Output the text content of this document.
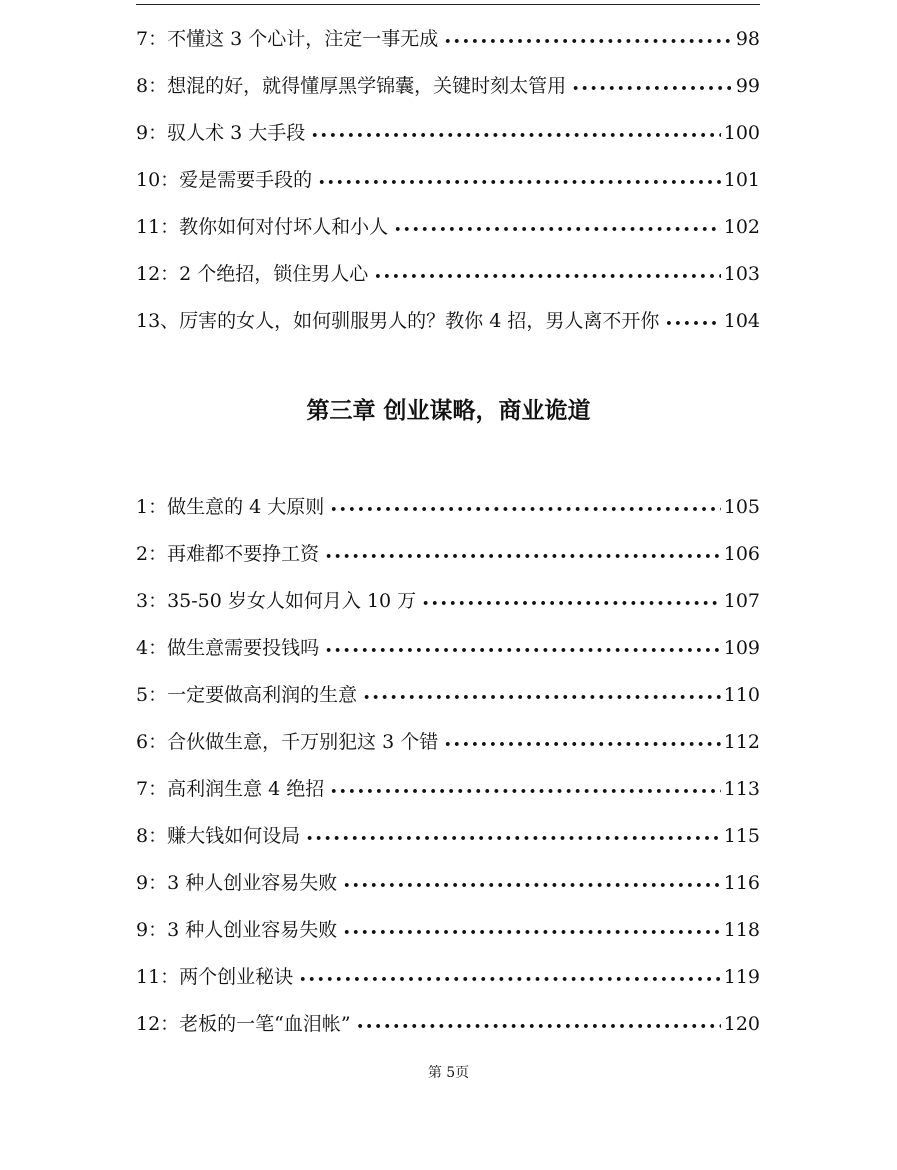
7：不懂这 3 个心计，注定一事无成 •••••	98
8：想混的好，就得懂厚黑学锦囊，关键时刻太管用 •••••	99
9：驭人术 3 大手段 •••••	100
10：爱是需要手段的 •••••	101
11：教你如何对付坏人和小人 •••••	102
12：2 个绝招，锁住男人心 •••••	103
13、厉害的女人，如何驯服男人的？教你 4 招，男人离不开你 •••••	104
第三章 创业谋略，商业诡道
1：做生意的 4 大原则 •••••	105
2：再难都不要挣工资 •••••	106
3：35-50 岁女人如何月入 10 万 •••••	107
4：做生意需要投钱吗 •••••	109
5：一定要做高利润的生意 •••••	110
6：合伙做生意，千万别犯这 3 个错 •••••	112
7：高利润生意 4 绝招 •••••	113
8：赚大钱如何设局 •••••	115
9：3 种人创业容易失败 •••••	116
9：3 种人创业容易失败 •••••	118
11：两个创业秘诀 •••••	119
12：老板的一笔“血泪帐” •••••	120
第 5页
